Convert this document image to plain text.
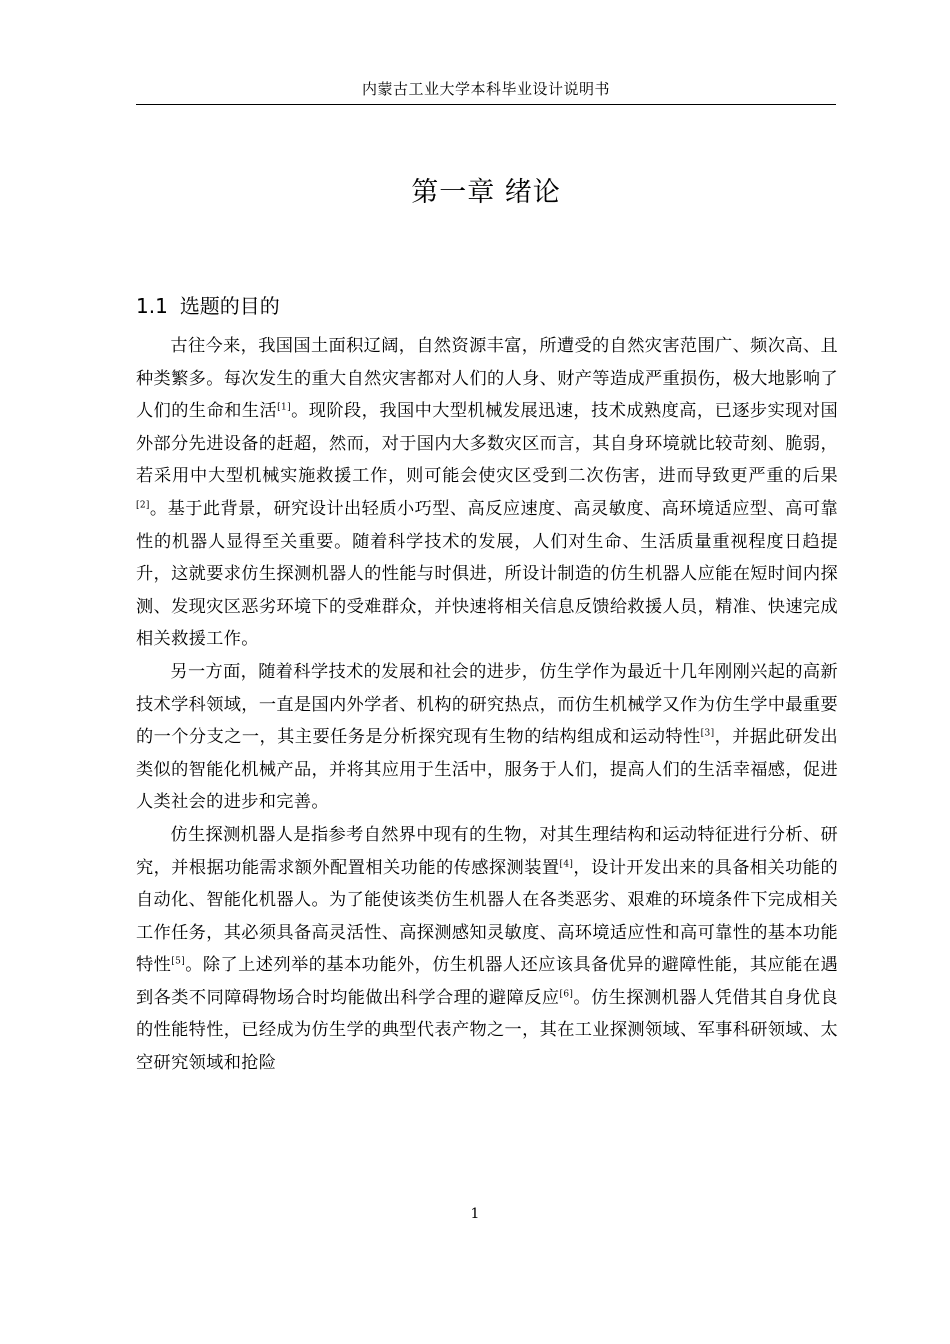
内蒙古工业大学本科毕业设计说明书
第一章 绪论
1.1 选题的目的

古往今来，我国国土面积辽阔，自然资源丰富，所遭受的自然灾害范围广、频次高、且种类繁多。每次发生的重大自然灾害都对人们的人身、财产等造成严重损伤，极大地影响了人们的生命和生活[1]。现阶段，我国中大型机械发展迅速，技术成熟度高，已逐步实现对国外部分先进设备的赶超，然而，对于国内大多数灾区而言，其自身环境就比较苛刻、脆弱，若采用中大型机械实施救援工作，则可能会使灾区受到二次伤害，进而导致更严重的后果[2]。基于此背景，研究设计出轻质小巧型、高反应速度、高灵敏度、高环境适应型、高可靠性的机器人显得至关重要。随着科学技术的发展，人们对生命、生活质量重视程度日趋提升，这就要求仿生探测机器人的性能与时俱进，所设计制造的仿生机器人应能在短时间内探测、发现灾区恶劣环境下的受难群众，并快速将相关信息反馈给救援人员，精准、快速完成相关救援工作。

另一方面，随着科学技术的发展和社会的进步，仿生学作为最近十几年刚刚兴起的高新技术学科领域，一直是国内外学者、机构的研究热点，而仿生机械学又作为仿生学中最重要的一个分支之一，其主要任务是分析探究现有生物的结构组成和运动特性[3]，并据此研发出类似的智能化机械产品，并将其应用于生活中，服务于人们，提高人们的生活幸福感，促进人类社会的进步和完善。

仿生探测机器人是指参考自然界中现有的生物，对其生理结构和运动特征进行分析、研究，并根据功能需求额外配置相关功能的传感探测装置[4]，设计开发出来的具备相关功能的自动化、智能化机器人。为了能使该类仿生机器人在各类恶劣、艰难的环境条件下完成相关工作任务，其必须具备高灵活性、高探测感知灵敏度、高环境适应性和高可靠性的基本功能特性[5]。除了上述列举的基本功能外，仿生机器人还应该具备优异的避障性能，其应能在遇到各类不同障碍物场合时均能做出科学合理的避障反应[6]。仿生探测机器人凭借其自身优良的性能特性，已经成为仿生学的典型代表产物之一，其在工业探测领域、军事科研领域、太空研究领域和抢险

1
